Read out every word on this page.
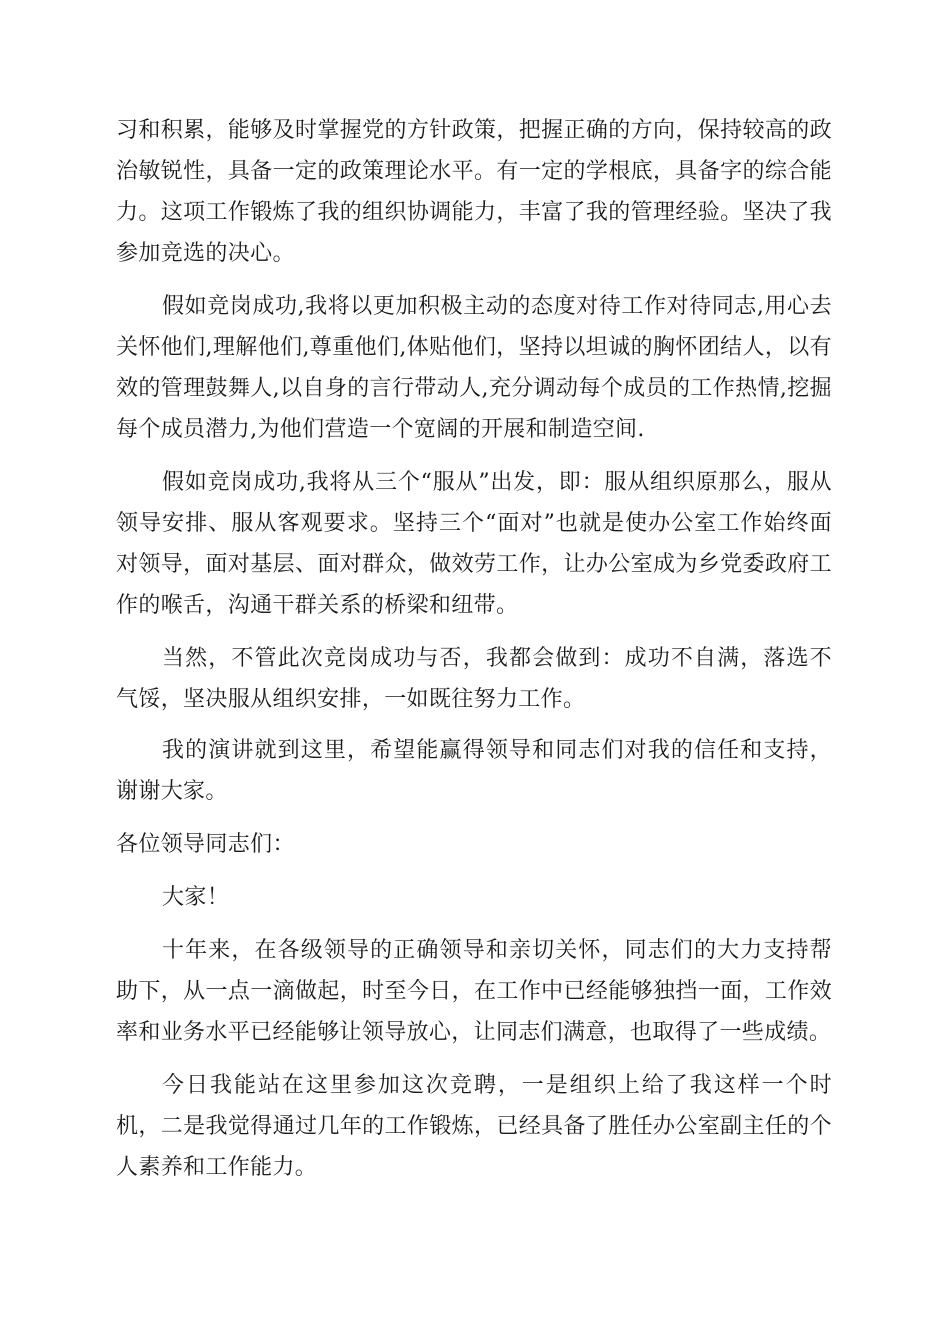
习和积累，能够及时掌握党的方针政策，把握正确的方向，保持较高的政治敏锐性，具备一定的政策理论水平。有一定的学根底，具备字的综合能力。这项工作锻炼了我的组织协调能力，丰富了我的管理经验。坚决了我参加竞选的决心。

假如竞岗成功,我将以更加积极主动的态度对待工作对待同志,用心去关怀他们,理解他们,尊重他们,体贴他们，坚持以坦诚的胸怀团结人，以有效的管理鼓舞人,以自身的言行带动人,充分调动每个成员的工作热情,挖掘每个成员潜力,为他们营造一个宽阔的开展和制造空间.

假如竞岗成功,我将从三个“服从”出发，即：服从组织原那么，服从领导安排、服从客观要求。坚持三个“面对”也就是使办公室工作始终面对领导，面对基层、面对群众，做效劳工作，让办公室成为乡党委政府工作的喉舌，沟通干群关系的桥梁和纽带。

当然，不管此次竞岗成功与否，我都会做到：成功不自满，落选不气馁，坚决服从组织安排，一如既往努力工作。

我的演讲就到这里，希望能赢得领导和同志们对我的信任和支持，谢谢大家。

各位领导同志们：

大家！

十年来，在各级领导的正确领导和亲切关怀，同志们的大力支持帮助下，从一点一滴做起，时至今日，在工作中已经能够独挡一面，工作效率和业务水平已经能够让领导放心，让同志们满意，也取得了一些成绩。

今日我能站在这里参加这次竞聘，一是组织上给了我这样一个时机，二是我觉得通过几年的工作锻炼，已经具备了胜任办公室副主任的个人素养和工作能力。
